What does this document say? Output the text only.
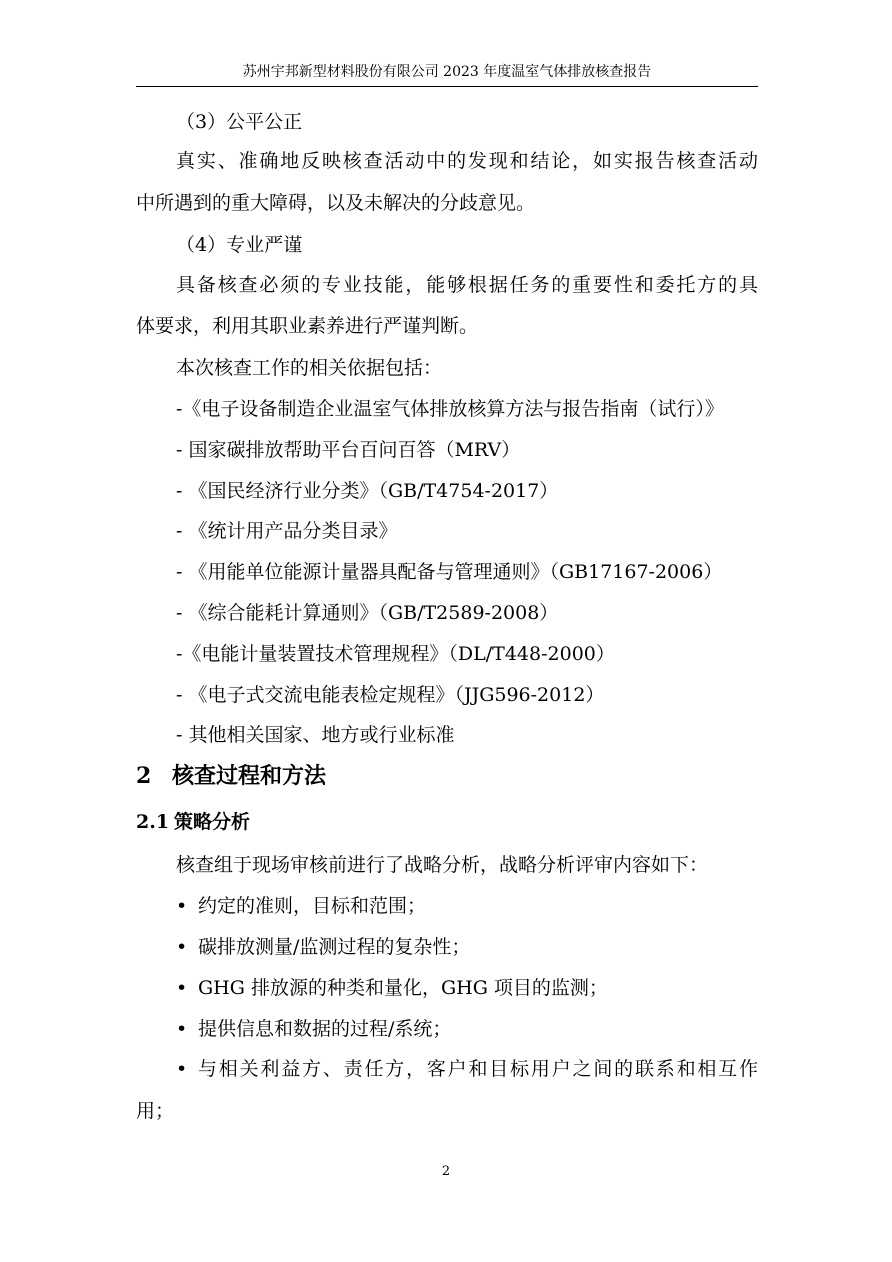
苏州宇邦新型材料股份有限公司 2023 年度温室气体排放核查报告
（3）公平公正
真实、准确地反映核查活动中的发现和结论，如实报告核查活动
中所遇到的重大障碍，以及未解决的分歧意见。
（4）专业严谨
具备核查必须的专业技能，能够根据任务的重要性和委托方的具
体要求，利用其职业素养进行严谨判断。
本次核查工作的相关依据包括：
-《电子设备制造企业温室气体排放核算方法与报告指南（试行）》
- 国家碳排放帮助平台百问百答（MRV）
- 《国民经济行业分类》（GB/T4754-2017）
- 《统计用产品分类目录》
- 《用能单位能源计量器具配备与管理通则》（GB17167-2006）
- 《综合能耗计算通则》（GB/T2589-2008）
-《电能计量装置技术管理规程》（DL/T448-2000）
- 《电子式交流电能表检定规程》（JJG596-2012）
- 其他相关国家、地方或行业标准
2 核查过程和方法
2.1 策略分析
核查组于现场审核前进行了战略分析，战略分析评审内容如下：
• 约定的准则，目标和范围；
• 碳排放测量/监测过程的复杂性；
• GHG 排放源的种类和量化，GHG 项目的监测；
• 提供信息和数据的过程/系统；
• 与相关利益方、责任方，客户和目标用户之间的联系和相互作
用；
2
